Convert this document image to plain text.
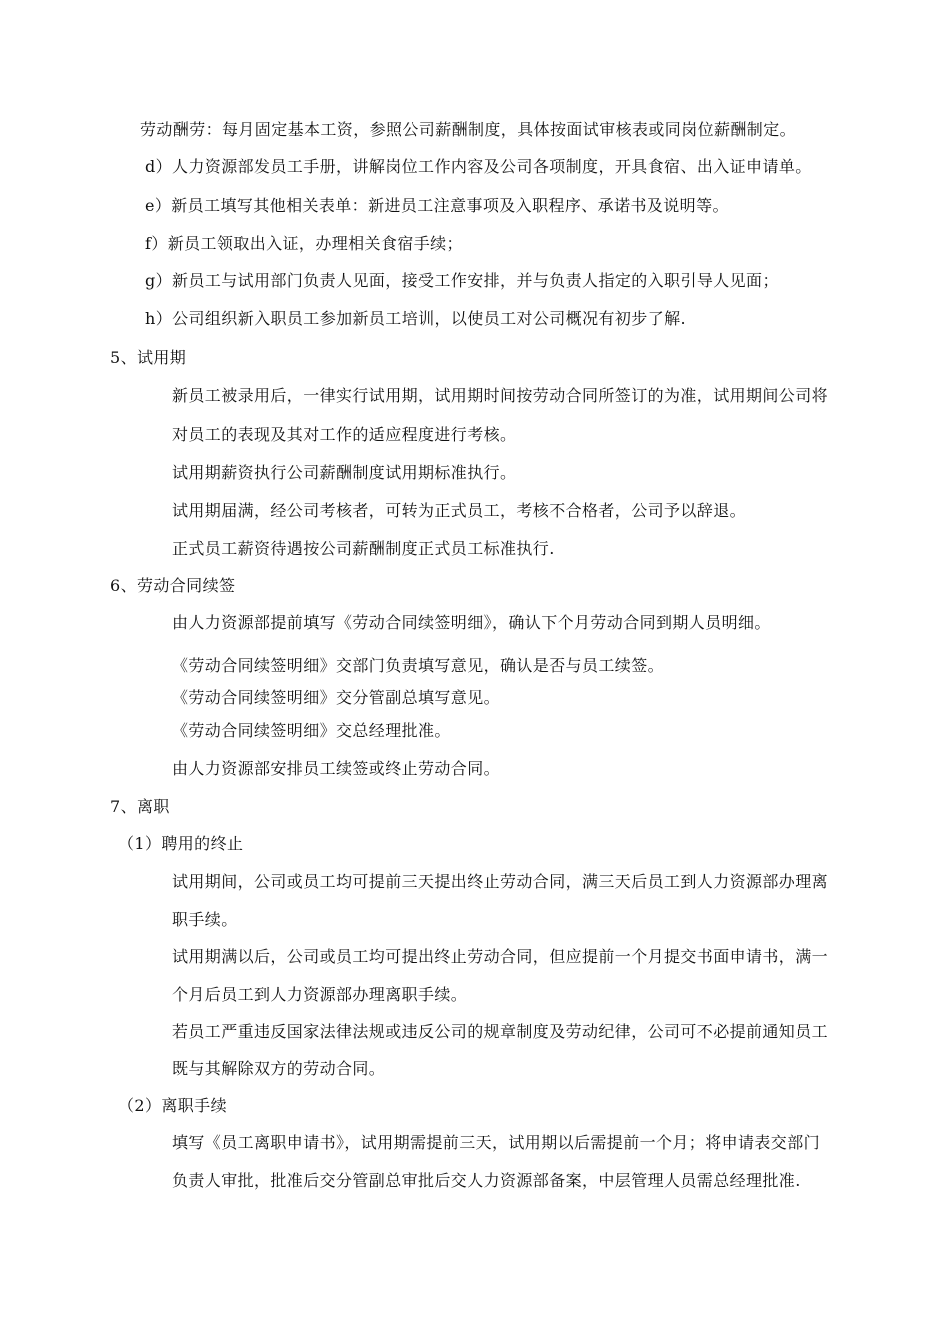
劳动酬劳：每月固定基本工资，参照公司薪酬制度，具体按面试审核表或同岗位薪酬制定。
d）人力资源部发员工手册，讲解岗位工作内容及公司各项制度，开具食宿、出入证申请单。
e）新员工填写其他相关表单：新进员工注意事项及入职程序、承诺书及说明等。
f）新员工领取出入证，办理相关食宿手续；
g）新员工与试用部门负责人见面，接受工作安排，并与负责人指定的入职引导人见面；
h）公司组织新入职员工参加新员工培训，以使员工对公司概况有初步了解.
5、试用期
新员工被录用后，一律实行试用期，试用期时间按劳动合同所签订的为准，试用期间公司将
对员工的表现及其对工作的适应程度进行考核。
试用期薪资执行公司薪酬制度试用期标准执行。
试用期届满，经公司考核者，可转为正式员工，考核不合格者，公司予以辞退。
正式员工薪资待遇按公司薪酬制度正式员工标准执行.
6、劳动合同续签
由人力资源部提前填写《劳动合同续签明细》，确认下个月劳动合同到期人员明细。
《劳动合同续签明细》交部门负责填写意见，确认是否与员工续签。
《劳动合同续签明细》交分管副总填写意见。
《劳动合同续签明细》交总经理批准。
由人力资源部安排员工续签或终止劳动合同。
7、离职
（1）聘用的终止
试用期间，公司或员工均可提前三天提出终止劳动合同，满三天后员工到人力资源部办理离
职手续。
试用期满以后，公司或员工均可提出终止劳动合同，但应提前一个月提交书面申请书，满一
个月后员工到人力资源部办理离职手续。
若员工严重违反国家法律法规或违反公司的规章制度及劳动纪律，公司可不必提前通知员工
既与其解除双方的劳动合同。
（2）离职手续
填写《员工离职申请书》，试用期需提前三天，试用期以后需提前一个月；将申请表交部门
负责人审批，批准后交分管副总审批后交人力资源部备案，中层管理人员需总经理批准.
